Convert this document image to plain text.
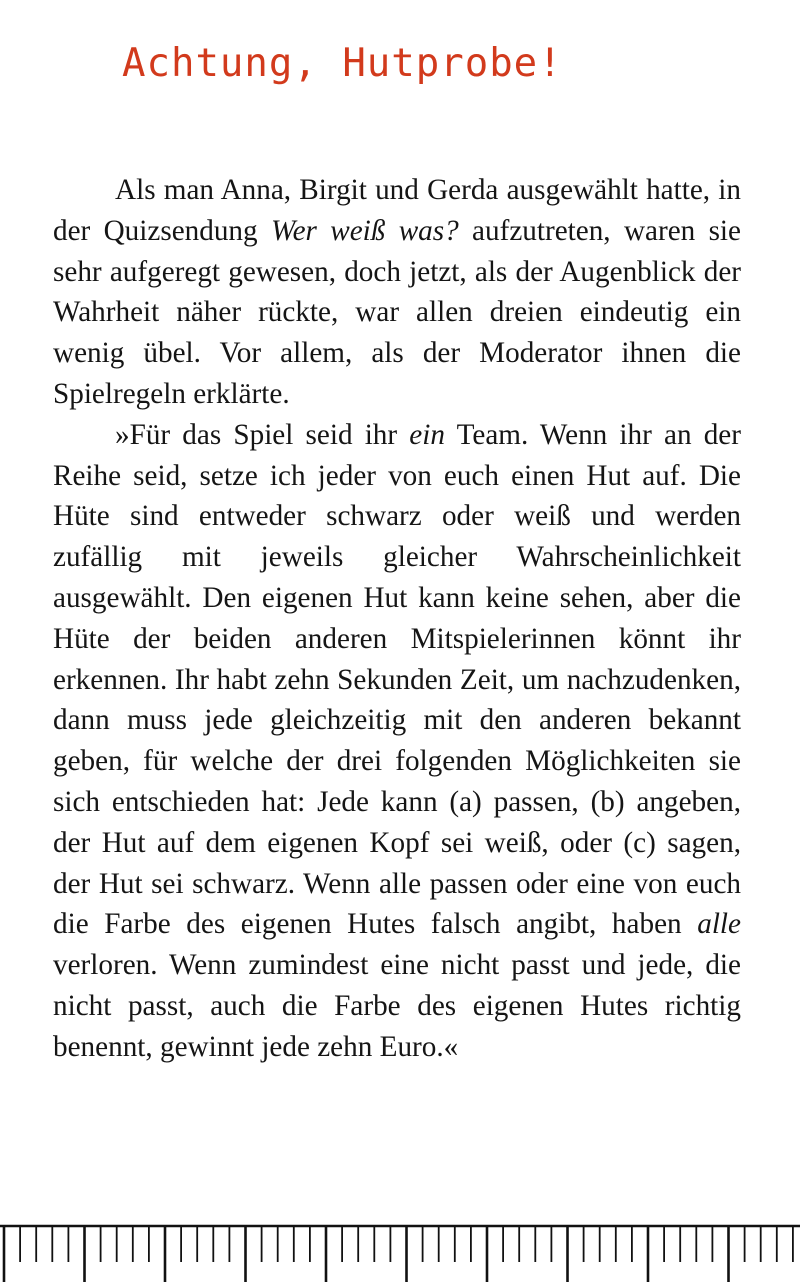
Achtung, Hutprobe!

Als man Anna, Birgit und Gerda ausgewählt hatte, in der Quizsendung Wer weiß was? aufzutreten, waren sie sehr aufgeregt gewesen, doch jetzt, als der Augenblick der Wahrheit näher rückte, war allen dreien eindeutig ein wenig übel. Vor allem, als der Moderator ihnen die Spielregeln erklärte.

»Für das Spiel seid ihr ein Team. Wenn ihr an der Reihe seid, setze ich jeder von euch einen Hut auf. Die Hüte sind entweder schwarz oder weiß und werden zufällig mit jeweils gleicher Wahrscheinlichkeit ausgewählt. Den eigenen Hut kann keine sehen, aber die Hüte der beiden anderen Mitspielerinnen könnt ihr erkennen. Ihr habt zehn Sekunden Zeit, um nachzudenken, dann muss jede gleichzeitig mit den anderen bekannt geben, für welche der drei folgenden Möglichkeiten sie sich entschieden hat: Jede kann (a) passen, (b) angeben, der Hut auf dem eigenen Kopf sei weiß, oder (c) sagen, der Hut sei schwarz. Wenn alle passen oder eine von euch die Farbe des eigenen Hutes falsch angibt, haben alle verloren. Wenn zumindest eine nicht passt und jede, die nicht passt, auch die Farbe des eigenen Hutes richtig benennt, gewinnt jede zehn Euro.«
